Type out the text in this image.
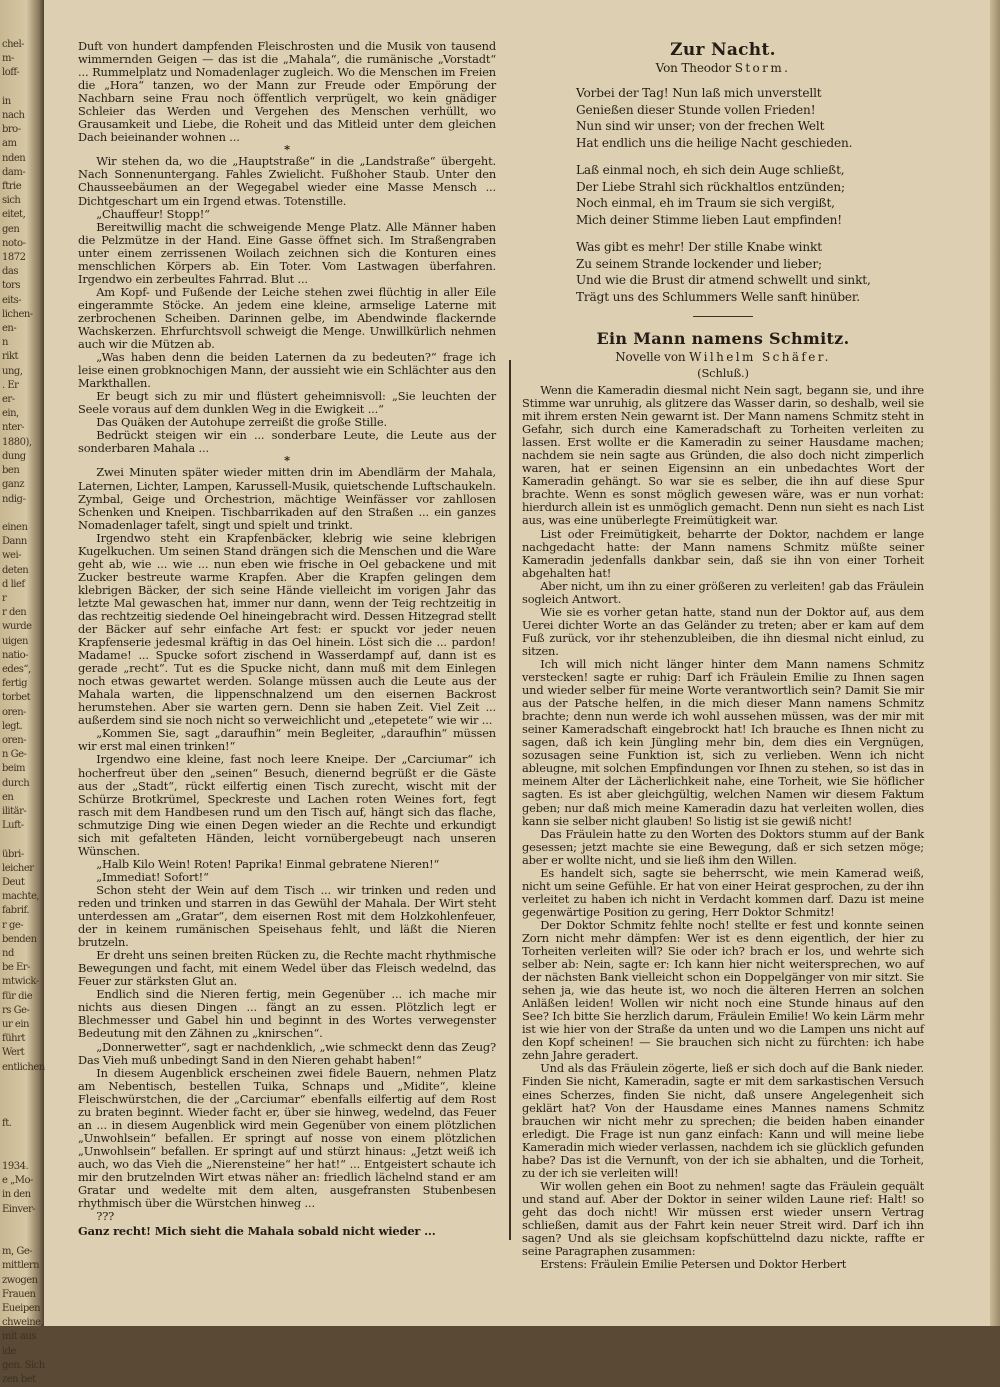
chel-
m-
loff-

in
nach
bro-
am
nden
dam-
ftrie
sich
eitet,
gen
noto-
1872
das
tors
eits-
lichen-
en-
n
rikt
ung,
. Er
er-
ein,
nter-
1880),
dung
ben
ganz
ndig-

einen
Dann
wei-
deten
d lief
r
r den
wurde
uigen
natio-
edes“,
fertig
torbet
oren-
legt.
oren-
n Ge-
beim
durch
en
ilitär-
Luft-

übri-
leicher
Deut
machte,
fabrif.
r ge-
benden
nd
be Er-
mtwick-
für die
rs Ge-
ur ein
führt
Wert
entlichen

ft.

1934.
e „Mo-
in den
Einver-

m, Ge-
mittlern
zwogen
Frauen
Eueipen
chweine,
mit aus
ide
gen. Sich
zen bet

Duft von hundert dampfenden Fleischrosten und die Musik von tausend wimmernden Geigen — das ist die „Mahala“, die rumänische „Vorstadt“ ... Rummelplatz und Nomadenlager zugleich. Wo die Menschen im Freien die „Hora“ tanzen, wo der Mann zur Freude oder Empörung der Nachbarn seine Frau noch öffentlich verprügelt, wo kein gnädiger Schleier das Werden und Vergehen des Menschen verhüllt, wo Grausamkeit und Liebe, die Roheit und das Mitleid unter dem gleichen Dach beieinander wohnen ...

*

Wir stehen da, wo die „Hauptstraße“ in die „Landstraße“ übergeht. Nach Sonnenuntergang. Fahles Zwielicht. Fußhoher Staub. Unter den Chausseebäumen an der Wegegabel wieder eine Masse Mensch ... Dichtgeschart um ein Irgend etwas. Totenstille.

„Chauffeur! Stopp!“

Bereitwillig macht die schweigende Menge Platz. Alle Männer haben die Pelzmütze in der Hand. Eine Gasse öffnet sich. Im Straßengraben unter einem zerrissenen Woilach zeichnen sich die Konturen eines menschlichen Körpers ab. Ein Toter. Vom Lastwagen überfahren. Irgendwo ein zerbeultes Fahrrad. Blut ...

Am Kopf- und Fußende der Leiche stehen zwei flüchtig in aller Eile eingerammte Stöcke. An jedem eine kleine, armselige Laterne mit zerbrochenen Scheiben. Darinnen gelbe, im Abendwinde flackernde Wachskerzen. Ehrfurchtsvoll schweigt die Menge. Unwillkürlich nehmen auch wir die Mützen ab.

„Was haben denn die beiden Laternen da zu bedeuten?“ frage ich leise einen grobknochigen Mann, der aussieht wie ein Schlächter aus den Markthallen.

Er beugt sich zu mir und flüstert geheimnisvoll: „Sie leuchten der Seele voraus auf dem dunklen Weg in die Ewigkeit ...“

Das Quäken der Autohupe zerreißt die große Stille.

Bedrückt steigen wir ein ... sonderbare Leute, die Leute aus der sonderbaren Mahala ...

*

Zwei Minuten später wieder mitten drin im Abendlärm der Mahala, Laternen, Lichter, Lampen, Karussell-Musik, quietschende Luftschaukeln. Zymbal, Geige und Orchestrion, mächtige Weinfässer vor zahllosen Schenken und Kneipen. Tischbarrikaden auf den Straßen ... ein ganzes Nomadenlager tafelt, singt und spielt und trinkt.

Irgendwo steht ein Krapfenbäcker, klebrig wie seine klebrigen Kugelkuchen. Um seinen Stand drängen sich die Menschen und die Ware geht ab, wie ... wie ... nun eben wie frische in Oel gebackene und mit Zucker bestreute warme Krapfen. Aber die Krapfen gelingen dem klebrigen Bäcker, der sich seine Hände vielleicht im vorigen Jahr das letzte Mal gewaschen hat, immer nur dann, wenn der Teig rechtzeitig in das rechtzeitig siedende Oel hineingebracht wird. Dessen Hitzegrad stellt der Bäcker auf sehr einfache Art fest: er spuckt vor jeder neuen Krapfenserie jedesmal kräftig in das Oel hinein. Löst sich die ... pardon! Madame! ... Spucke sofort zischend in Wasserdampf auf, dann ist es gerade „recht“. Tut es die Spucke nicht, dann muß mit dem Einlegen noch etwas gewartet werden. Solange müssen auch die Leute aus der Mahala warten, die lippenschnalzend um den eisernen Backrost herumstehen. Aber sie warten gern. Denn sie haben Zeit. Viel Zeit ... außerdem sind sie noch nicht so verweichlicht und „etepetete“ wie wir ...

„Kommen Sie, sagt „daraufhin“ mein Begleiter, „daraufhin“ müssen wir erst mal einen trinken!“

Irgendwo eine kleine, fast noch leere Kneipe. Der „Carciumar“ ich hocherfreut über den „seinen“ Besuch, dienernd begrüßt er die Gäste aus der „Stadt“, rückt eilfertig einen Tisch zurecht, wischt mit der Schürze Brotkrümel, Speckreste und Lachen roten Weines fort, fegt rasch mit dem Handbesen rund um den Tisch auf, hängt sich das flache, schmutzige Ding wie einen Degen wieder an die Rechte und erkundigt sich mit gefalteten Händen, leicht vornübergebeugt nach unseren Wünschen.

„Halb Kilo Wein! Roten! Paprika! Einmal gebratene Nieren!“

„Immediat! Sofort!“

Schon steht der Wein auf dem Tisch ... wir trinken und reden und reden und trinken und starren in das Gewühl der Mahala. Der Wirt steht unterdessen am „Gratar“, dem eisernen Rost mit dem Holzkohlenfeuer, der in keinem rumänischen Speisehaus fehlt, und läßt die Nieren brutzeln.

Er dreht uns seinen breiten Rücken zu, die Rechte macht rhythmische Bewegungen und facht, mit einem Wedel über das Fleisch wedelnd, das Feuer zur stärksten Glut an.

Endlich sind die Nieren fertig, mein Gegenüber ... ich mache mir nichts aus diesen Dingen ... fängt an zu essen. Plötzlich legt er Blechmesser und Gabel hin und beginnt in des Wortes verwegenster Bedeutung mit den Zähnen zu „knirschen“.

„Donnerwetter“, sagt er nachdenklich, „wie schmeckt denn das Zeug? Das Vieh muß unbedingt Sand in den Nieren gehabt haben!“

In diesem Augenblick erscheinen zwei fidele Bauern, nehmen Platz am Nebentisch, bestellen Tuika, Schnaps und „Midite“, kleine Fleischwürstchen, die der „Carciumar“ ebenfalls eilfertig auf dem Rost zu braten beginnt. Wieder facht er, über sie hinweg, wedelnd, das Feuer an ... in diesem Augenblick wird mein Gegenüber von einem plötzlichen „Unwohlsein“ befallen. Er springt auf nosse von einem plötzlichen „Unwohlsein“ befallen. Er springt auf und stürzt hinaus: „Jetzt weiß ich auch, wo das Vieh die „Nierensteine“ her hat!“ ... Entgeistert schaute ich mir den brutzelnden Wirt etwas näher an: friedlich lächelnd stand er am Gratar und wedelte mit dem alten, ausgefransten Stubenbesen rhythmisch über die Würstchen hinweg ...

???

Ganz recht! Mich sieht die Mahala sobald nicht wieder ...

Zur Nacht.
Von Theodor Storm.
Vorbei der Tag! Nun laß mich unverstellt
Genießen dieser Stunde vollen Frieden!
Nun sind wir unser; von der frechen Welt
Hat endlich uns die heilige Nacht geschieden.
Laß einmal noch, eh sich dein Auge schließt,
Der Liebe Strahl sich rückhaltlos entzünden;
Noch einmal, eh im Traum sie sich vergißt,
Mich deiner Stimme lieben Laut empfinden!
Was gibt es mehr! Der stille Knabe winkt
Zu seinem Strande lockender und lieber;
Und wie die Brust dir atmend schwellt und sinkt,
Trägt uns des Schlummers Welle sanft hinüber.
Ein Mann namens Schmitz.
Novelle von Wilhelm Schäfer.
(Schluß.)

Wenn die Kameradin diesmal nicht Nein sagt, begann sie, und ihre Stimme war unruhig, als glitzere das Wasser darin, so deshalb, weil sie mit ihrem ersten Nein gewarnt ist. Der Mann namens Schmitz steht in Gefahr, sich durch eine Kameradschaft zu Torheiten verleiten zu lassen. Erst wollte er die Kameradin zu seiner Hausdame machen; nachdem sie nein sagte aus Gründen, die also doch nicht zimperlich waren, hat er seinen Eigensinn an ein unbedachtes Wort der Kameradin gehängt. So war sie es selber, die ihn auf diese Spur brachte. Wenn es sonst möglich gewesen wäre, was er nun vorhat: hierdurch allein ist es unmöglich gemacht. Denn nun sieht es nach List aus, was eine unüberlegte Freimütigkeit war.

List oder Freimütigkeit, beharrte der Doktor, nachdem er lange nachgedacht hatte: der Mann namens Schmitz müßte seiner Kameradin jedenfalls dankbar sein, daß sie ihn von einer Torheit abgehalten hat!

Aber nicht, um ihn zu einer größeren zu verleiten! gab das Fräulein sogleich Antwort.

Wie sie es vorher getan hatte, stand nun der Doktor auf, aus dem Uerei dichter Worte an das Geländer zu treten; aber er kam auf dem Fuß zurück, vor ihr stehenzubleiben, die ihn diesmal nicht einlud, zu sitzen.

Ich will mich nicht länger hinter dem Mann namens Schmitz verstecken! sagte er ruhig: Darf ich Fräulein Emilie zu Ihnen sagen und wieder selber für meine Worte verantwortlich sein? Damit Sie mir aus der Patsche helfen, in die mich dieser Mann namens Schmitz brachte; denn nun werde ich wohl aussehen müssen, was der mir mit seiner Kameradschaft eingebrockt hat! Ich brauche es Ihnen nicht zu sagen, daß ich kein Jüngling mehr bin, dem dies ein Vergnügen, sozusagen seine Funktion ist, sich zu verlieben. Wenn ich nicht ableugne, mit solchen Empfindungen vor Ihnen zu stehen, so ist das in meinem Alter der Lächerlichkeit nahe, eine Torheit, wie Sie höflicher sagten. Es ist aber gleichgültig, welchen Namen wir diesem Faktum geben; nur daß mich meine Kameradin dazu hat verleiten wollen, dies kann sie selber nicht glauben! So listig ist sie gewiß nicht!

Das Fräulein hatte zu den Worten des Doktors stumm auf der Bank gesessen; jetzt machte sie eine Bewegung, daß er sich setzen möge; aber er wollte nicht, und sie ließ ihm den Willen.

Es handelt sich, sagte sie beherrscht, wie mein Kamerad weiß, nicht um seine Gefühle. Er hat von einer Heirat gesprochen, zu der ihn verleitet zu haben ich nicht in Verdacht kommen darf. Dazu ist meine gegenwärtige Position zu gering, Herr Doktor Schmitz!

Der Doktor Schmitz fehlte noch! stellte er fest und konnte seinen Zorn nicht mehr dämpfen: Wer ist es denn eigentlich, der hier zu Torheiten verleiten will? Sie oder ich? brach er los, und wehrte sich selber ab: Nein, sagte er: Ich kann hier nicht weitersprechen, wo auf der nächsten Bank vielleicht schon ein Doppelgänger von mir sitzt. Sie sehen ja, wie das heute ist, wo noch die älteren Herren an solchen Anläßen leiden! Wollen wir nicht noch eine Stunde hinaus auf den See? Ich bitte Sie herzlich darum, Fräulein Emilie! Wo kein Lärm mehr ist wie hier von der Straße da unten und wo die Lampen uns nicht auf den Kopf scheinen! — Sie brauchen sich nicht zu fürchten: ich habe zehn Jahre geradert.

Und als das Fräulein zögerte, ließ er sich doch auf die Bank nieder. Finden Sie nicht, Kameradin, sagte er mit dem sarkastischen Versuch eines Scherzes, finden Sie nicht, daß unsere Angelegenheit sich geklärt hat? Von der Hausdame eines Mannes namens Schmitz brauchen wir nicht mehr zu sprechen; die beiden haben einander erledigt. Die Frage ist nun ganz einfach: Kann und will meine liebe Kameradin mich wieder verlassen, nachdem ich sie glücklich gefunden habe? Das ist die Vernunft, von der ich sie abhalten, und die Torheit, zu der ich sie verleiten will!

Wir wollen gehen ein Boot zu nehmen! sagte das Fräulein gequält und stand auf. Aber der Doktor in seiner wilden Laune rief: Halt! so geht das doch nicht! Wir müssen erst wieder unsern Vertrag schließen, damit aus der Fahrt kein neuer Streit wird. Darf ich ihn sagen? Und als sie gleichsam kopfschüttelnd dazu nickte, raffte er seine Paragraphen zusammen:

Erstens: Fräulein Emilie Petersen und Doktor Herbert
